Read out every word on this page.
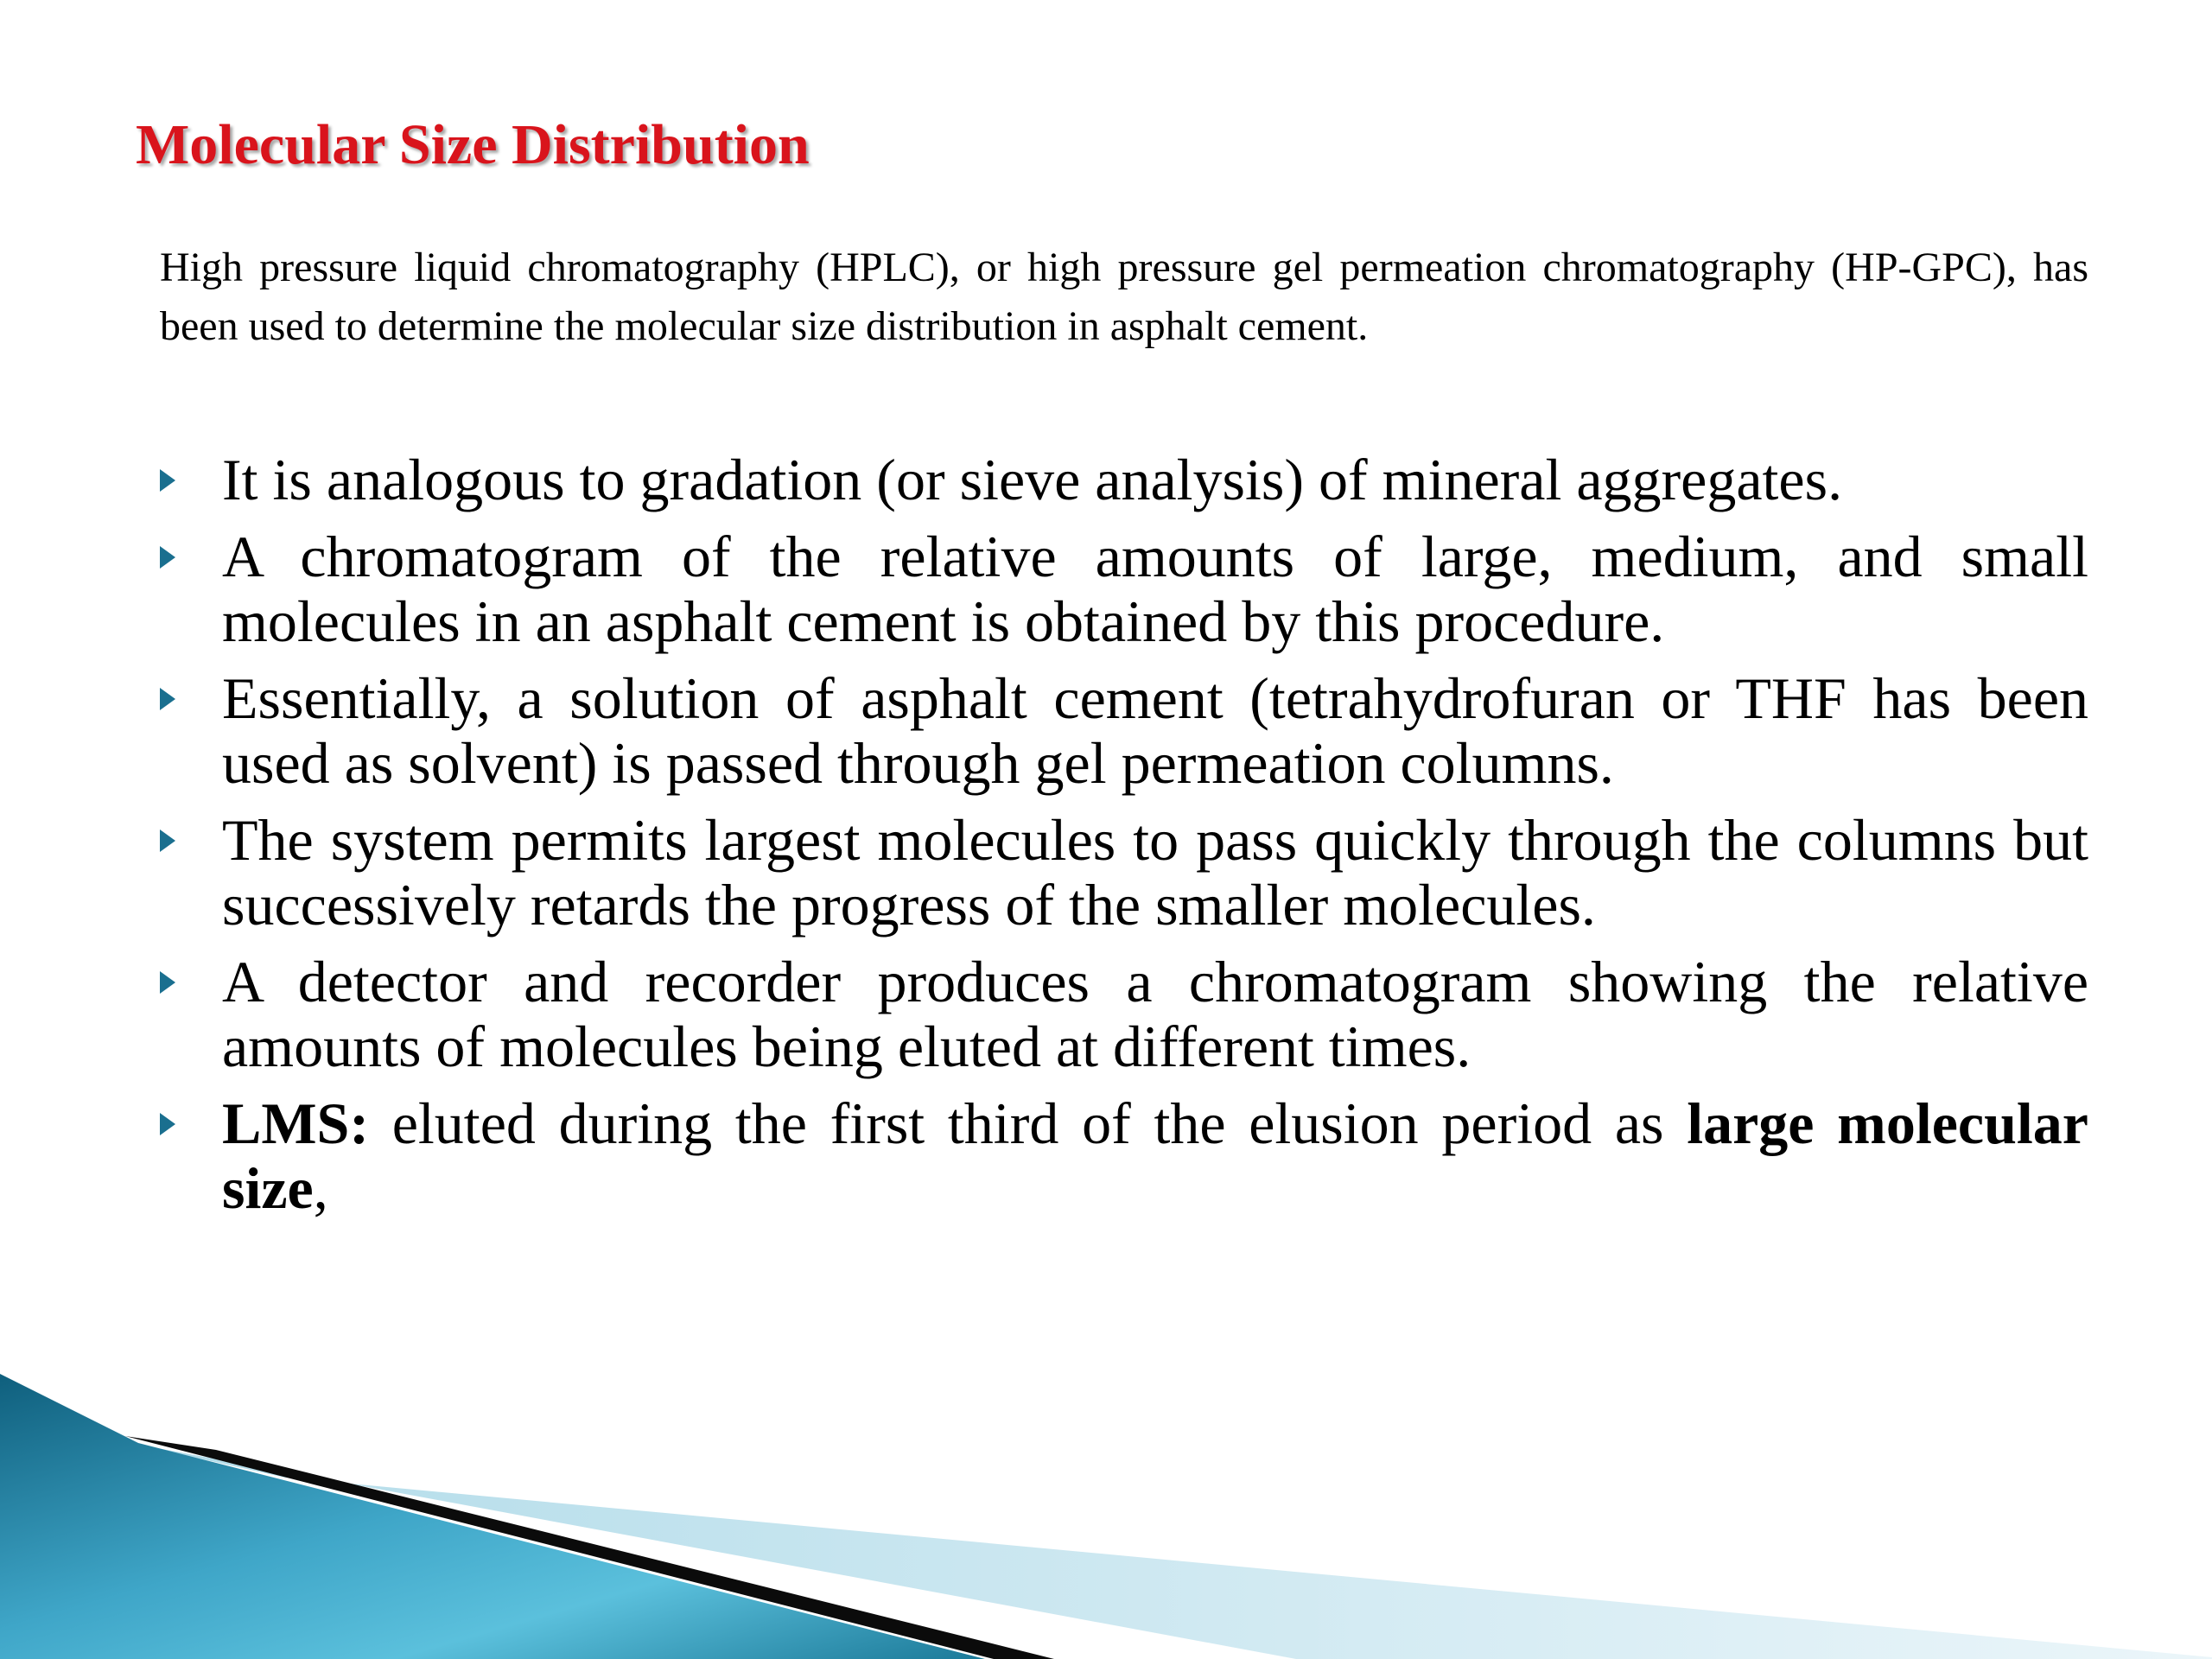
Molecular Size Distribution

High pressure liquid chromatography (HPLC), or high pressure gel permeation chromatography (HP-GPC), has been used to determine the molecular size distribution in asphalt cement.

It is analogous to gradation (or sieve analysis) of mineral aggregates.

A chromatogram of the relative amounts of large, medium, and small molecules in an asphalt cement is obtained by this procedure.

Essentially, a solution of asphalt cement (tetrahydrofuran or THF has been used as solvent) is passed through gel permeation columns.

The system permits largest molecules to pass quickly through the columns but successively retards the progress of the smaller molecules.

A detector and recorder produces a chromatogram showing the relative amounts of molecules being eluted at different times.

LMS: eluted during the first third of the elusion period as large molecular size,
